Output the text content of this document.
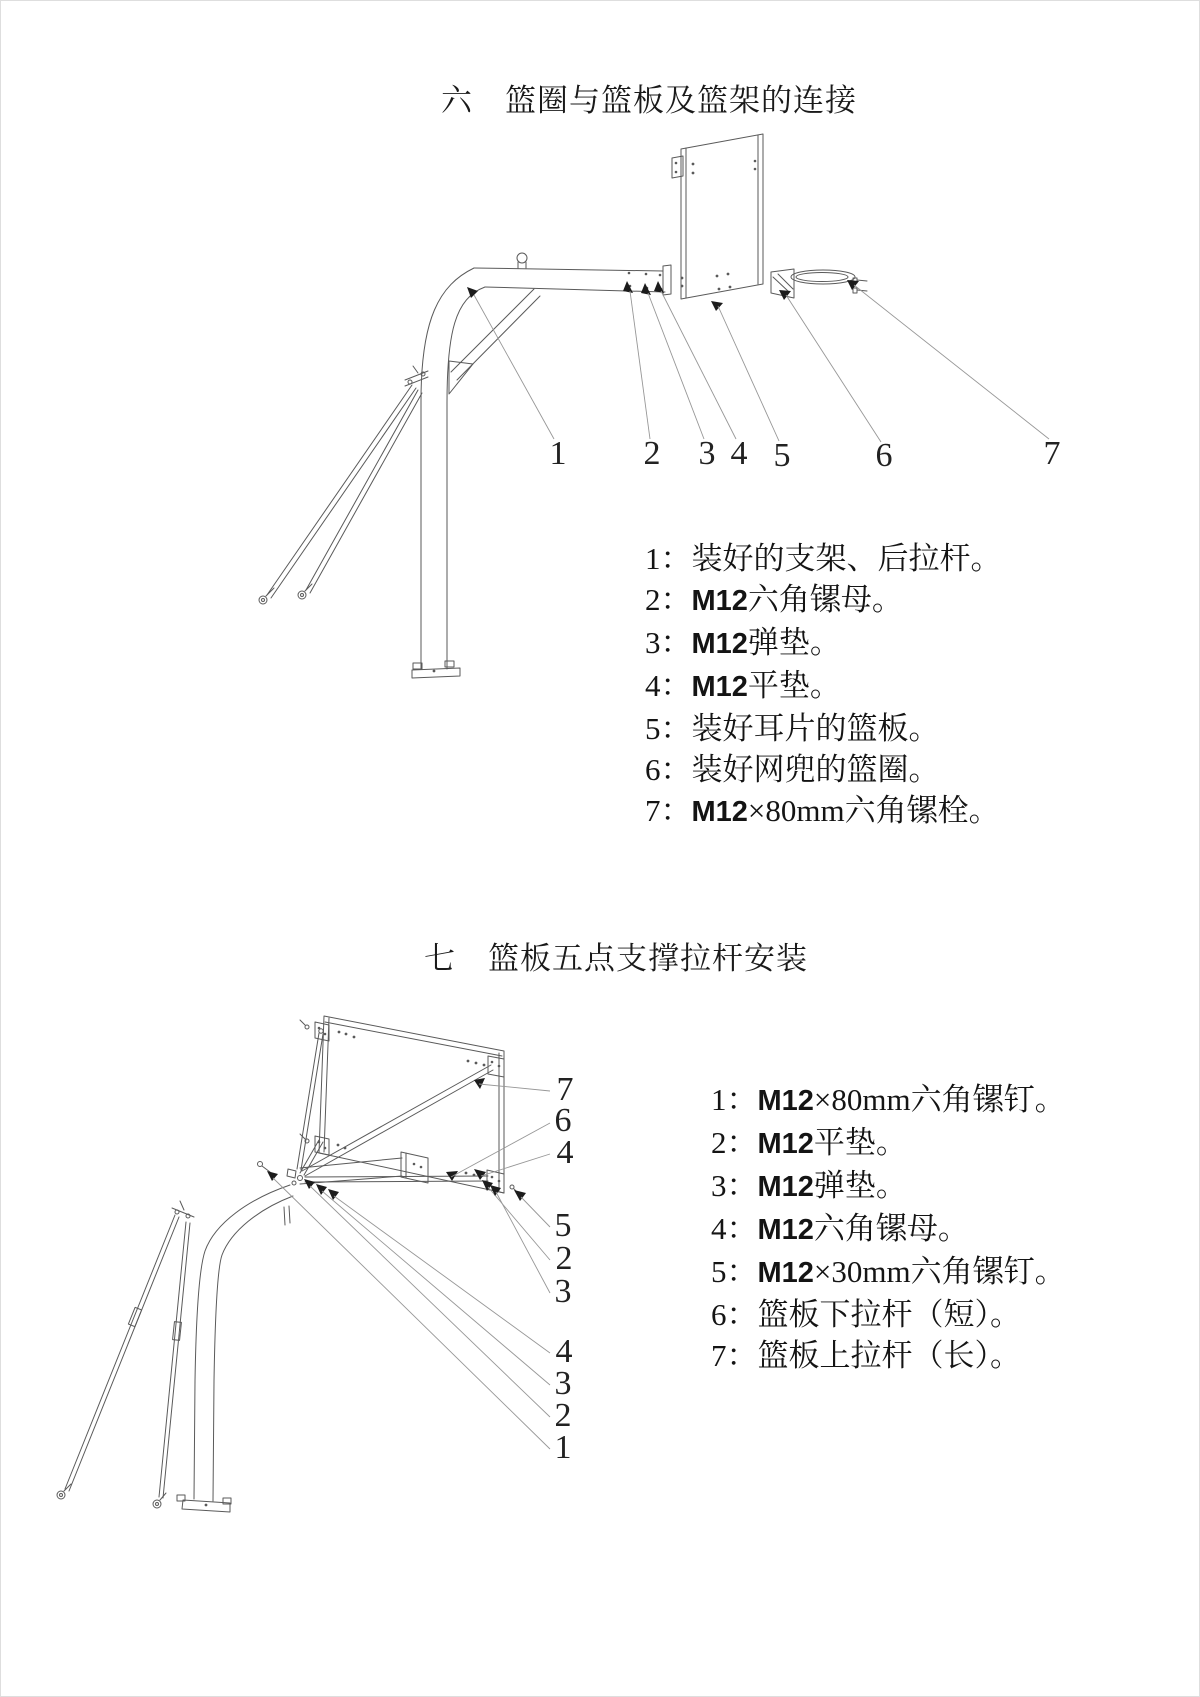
六　篮圈与篮板及篮架的连接
1 2 3 4 5	6	7
1：装好的支架、后拉杆。
2：M12六角镙母。
3：M12弹垫。
4：M12平垫。
5：装好耳片的篮板。
6：装好网兜的篮圈。
7：M12×80mm六角镙栓。
七　篮板五点支撑拉杆安装
7
6
4
5
2
3
4
3
2
1
1：M12×80mm六角镙钉。
2：M12平垫。
3：M12弹垫。
4：M12六角镙母。
5：M12×30mm六角镙钉。
6：篮板下拉杆（短）。
7：篮板上拉杆（长）。
